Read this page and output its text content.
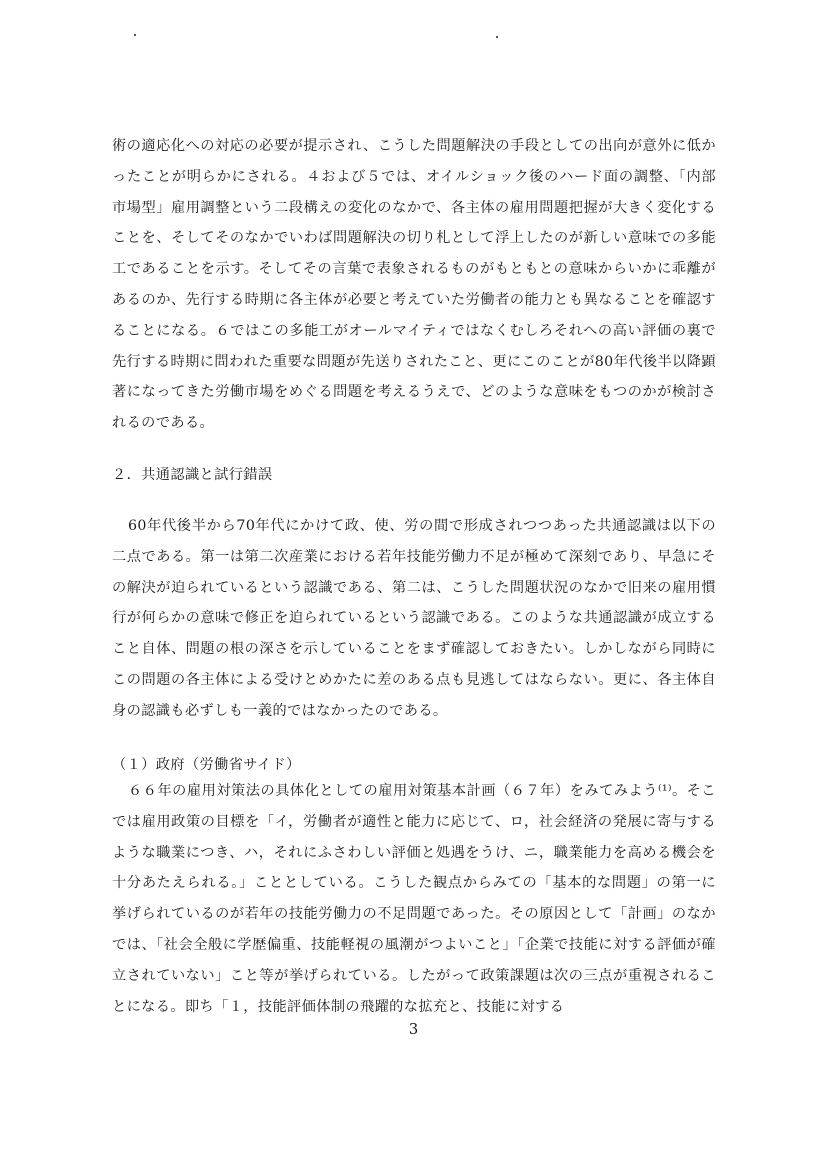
術の適応化への対応の必要が提示され、こうした問題解決の手段としての出向が意外に低かったことが明らかにされる。４および５では、オイルショック後のハード面の調整、「内部市場型」雇用調整という二段構えの変化のなかで、各主体の雇用問題把握が大きく変化することを、そしてそのなかでいわば問題解決の切り札として浮上したのが新しい意味での多能工であることを示す。そしてその言葉で表象されるものがもともとの意味からいかに乖離があるのか、先行する時期に各主体が必要と考えていた労働者の能力とも異なることを確認することになる。６ではこの多能工がオールマイティではなくむしろそれへの高い評価の裏で先行する時期に問われた重要な問題が先送りされたこと、更にこのことが80年代後半以降顕著になってきた労働市場をめぐる問題を考えるうえで、どのような意味をもつのかが検討されるのである。

２．共通認識と試行錯誤

60年代後半から70年代にかけて政、使、労の間で形成されつつあった共通認識は以下の二点である。第一は第二次産業における若年技能労働力不足が極めて深刻であり、早急にその解決が迫られているという認識である、第二は、こうした問題状況のなかで旧来の雇用慣行が何らかの意味で修正を迫られているという認識である。このような共通認識が成立すること自体、問題の根の深さを示していることをまず確認しておきたい。しかしながら同時にこの問題の各主体による受けとめかたに差のある点も見逃してはならない。更に、各主体自身の認識も必ずしも一義的ではなかったのである。

（１）政府（労働省サイド）

６６年の雇用対策法の具体化としての雇用対策基本計画（６７年）をみてみよう⁽¹⁾。そこでは雇用政策の目標を「イ，労働者が適性と能力に応じて、ロ，社会経済の発展に寄与するような職業につき、ハ，それにふさわしい評価と処遇をうけ、ニ，職業能力を高める機会を十分あたえられる。」こととしている。こうした観点からみての「基本的な問題」の第一に挙げられているのが若年の技能労働力の不足問題であった。その原因として「計画」のなかでは、「社会全般に学歴偏重、技能軽視の風潮がつよいこと」「企業で技能に対する評価が確立されていない」こと等が挙げられている。したがって政策課題は次の三点が重視されることになる。即ち「１，技能評価体制の飛躍的な拡充と、技能に対する

3
